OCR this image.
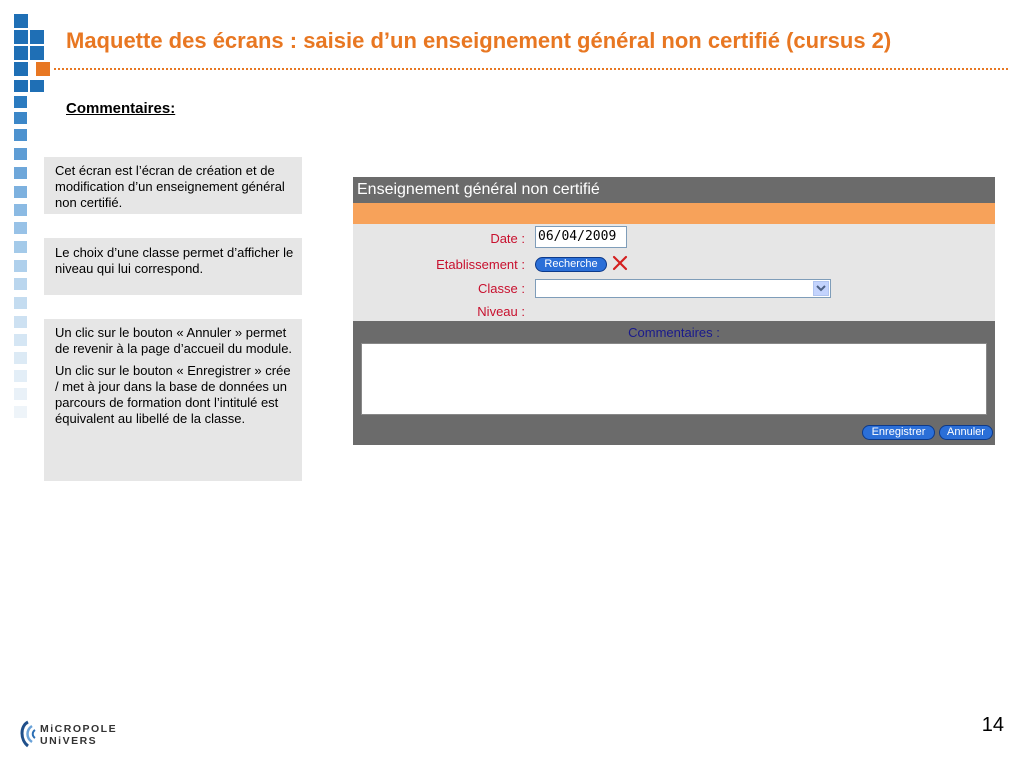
Maquette des écrans : saisie d’un enseignement général non certifié (cursus 2)
Commentaires:

Cet écran est l’écran de création et de modification d’un enseignement général non certifié.

Le choix d’une classe permet d’afficher le niveau qui lui correspond.

Un clic sur le bouton « Annuler » permet de revenir à la page d’accueil du module.

Un clic sur le bouton « Enregistrer » crée / met à jour dans la base de données un parcours de formation dont l’intitulé est équivalent au libellé de la classe.

Enseignement général non certifié
Date : 06/04/2009
Etablissement :	Recherche
Classe :
Niveau :
Commentaires :
Enregistrer	Annuler
MiCROPOLE
UNiVERS
14
